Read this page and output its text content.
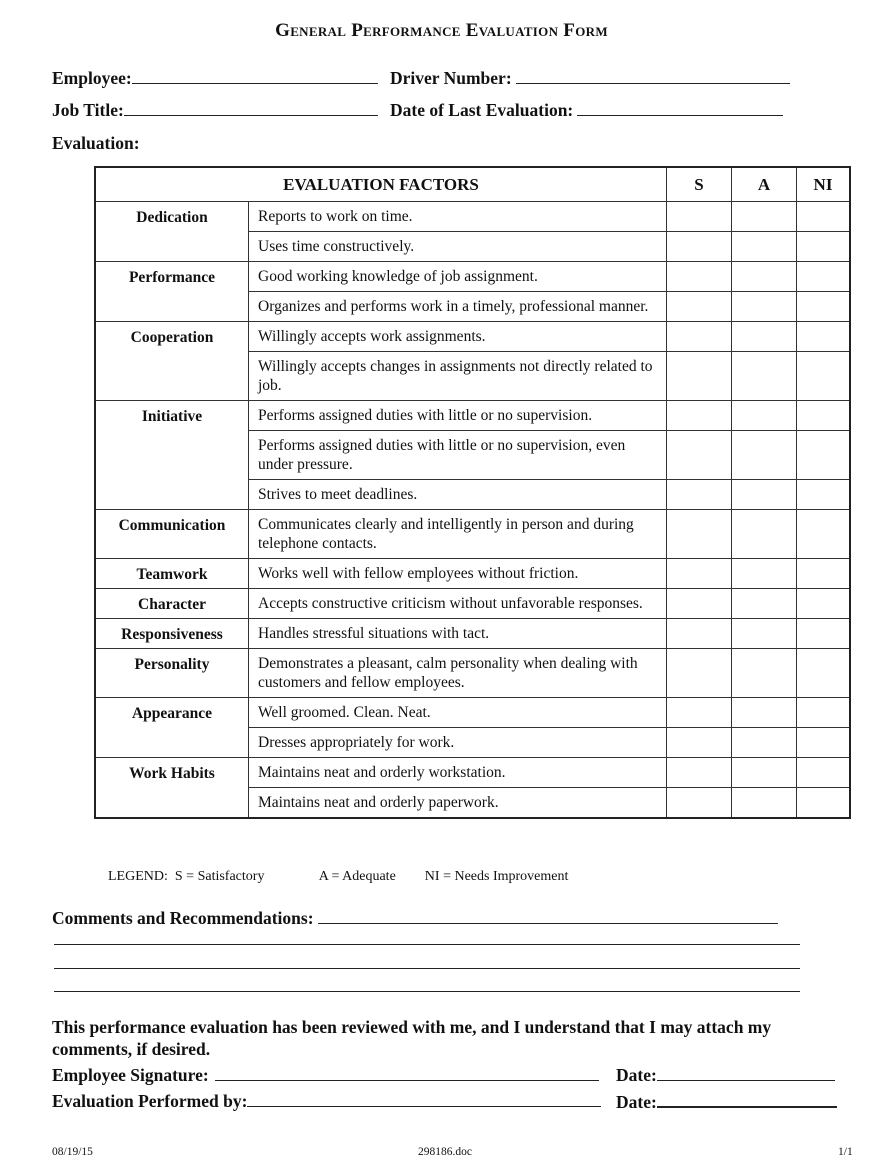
General Performance Evaluation Form
Employee:	Driver Number:
Job Title:	Date of Last Evaluation:
Evaluation:
EVALUATION FACTORS		S	A	NI
Dedication	Reports to work on time.			
	Uses time constructively.			
Performance	Good working knowledge of job assignment.			
	Organizes and performs work in a timely, professional manner.			
Cooperation	Willingly accepts work assignments.			
	Willingly accepts changes in assignments not directly related to job.			
Initiative	Performs assigned duties with little or no supervision.			
	Performs assigned duties with little or no supervision, even under pressure.			
	Strives to meet deadlines.			
Communication	Communicates clearly and intelligently in person and during telephone contacts.			
Teamwork	Works well with fellow employees without friction.			
Character	Accepts constructive criticism without unfavorable responses.			
Responsiveness	Handles stressful situations with tact.			
Personality	Demonstrates a pleasant, calm personality when dealing with customers and fellow employees.			
Appearance	Well groomed. Clean. Neat.			
	Dresses appropriately for work.			
Work Habits	Maintains neat and orderly workstation.			
	Maintains neat and orderly paperwork.			
LEGEND: S = Satisfactory	A = Adequate NI = Needs Improvement
Comments and Recommendations:
This performance evaluation has been reviewed with me, and I understand that I may attach my comments, if desired.
Employee Signature:	Date:
Evaluation Performed by:	Date:
08/19/15	298186.doc	1/1
